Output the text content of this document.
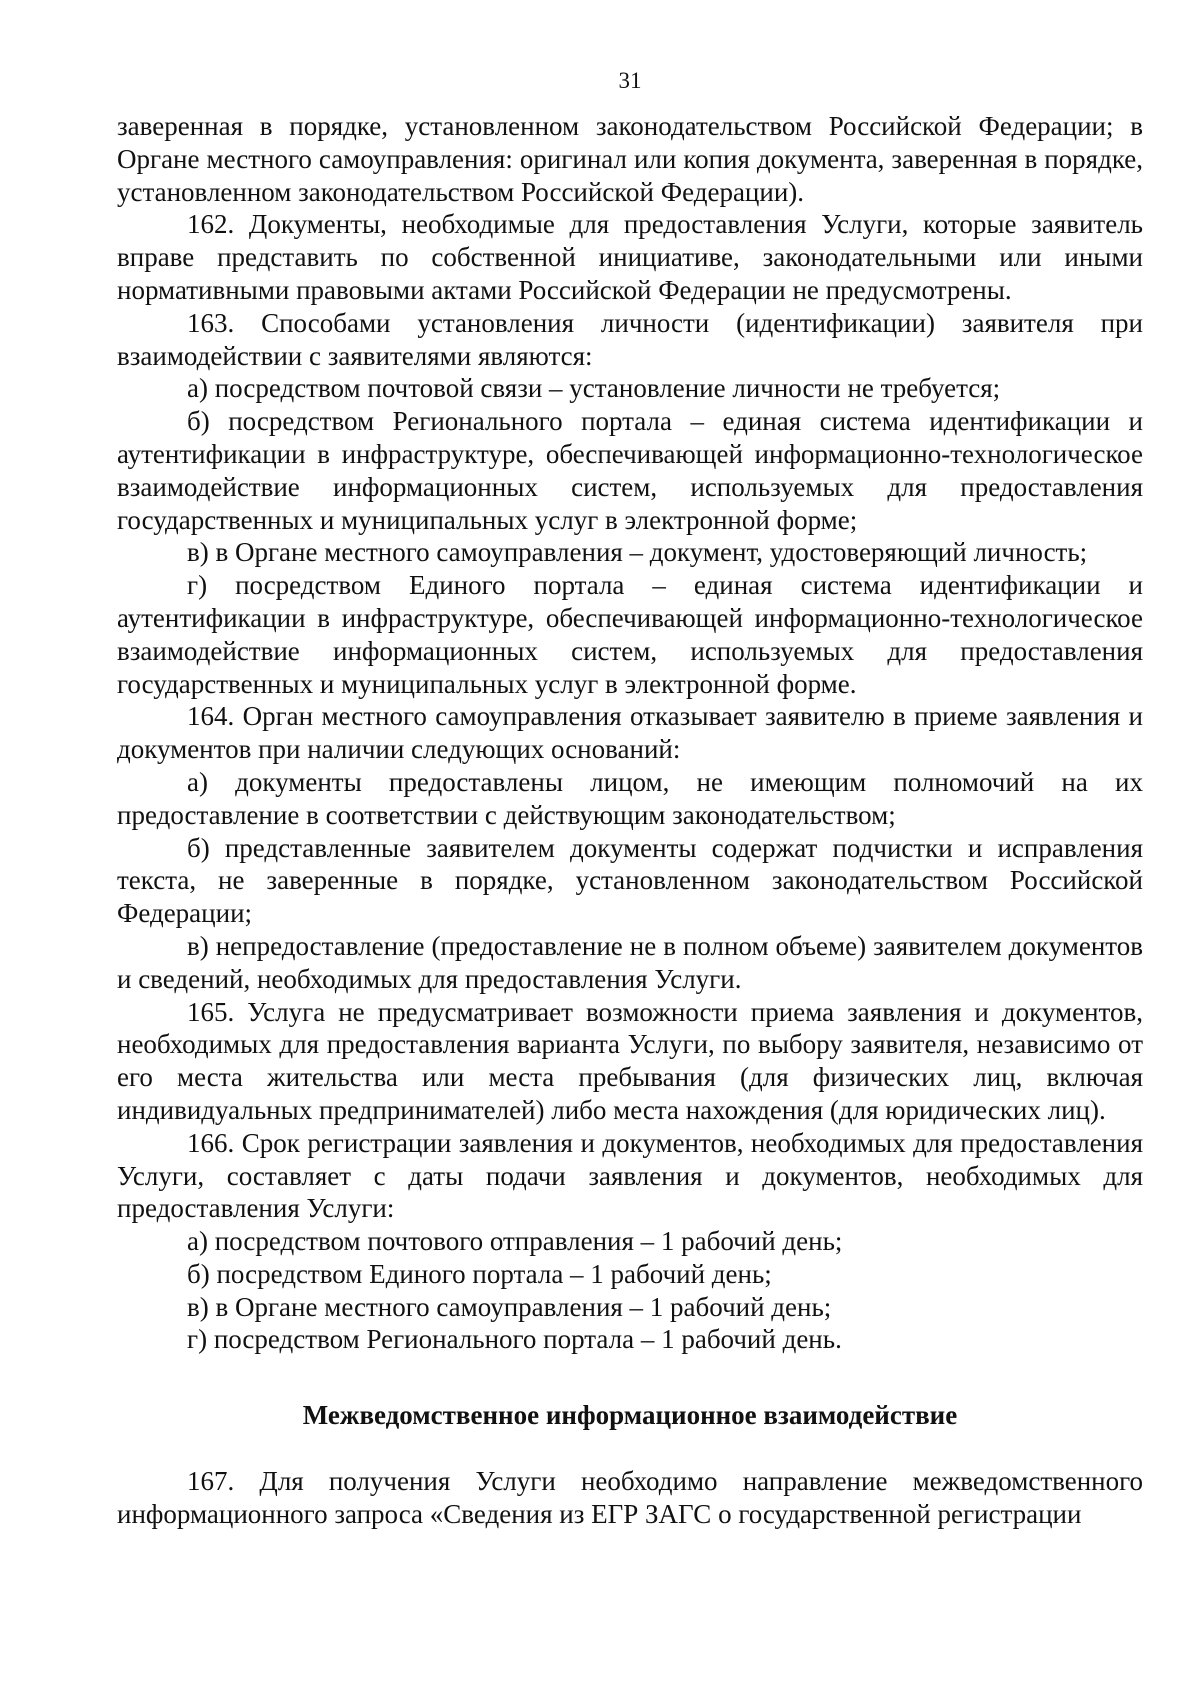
31

заверенная в порядке, установленном законодательством Российской Федерации; в Органе местного самоуправления: оригинал или копия документа, заверенная в порядке, установленном законодательством Российской Федерации).

162. Документы, необходимые для предоставления Услуги, которые заявитель вправе представить по собственной инициативе, законодательными или иными нормативными правовыми актами Российской Федерации не предусмотрены.

163. Способами установления личности (идентификации) заявителя при взаимодействии с заявителями являются:

а) посредством почтовой связи – установление личности не требуется;

б) посредством Регионального портала – единая система идентификации и аутентификации в инфраструктуре, обеспечивающей информационно-технологическое взаимодействие информационных систем, используемых для предоставления государственных и муниципальных услуг в электронной форме;

в) в Органе местного самоуправления – документ, удостоверяющий личность;

г) посредством Единого портала – единая система идентификации и аутентификации в инфраструктуре, обеспечивающей информационно-технологическое взаимодействие информационных систем, используемых для предоставления государственных и муниципальных услуг в электронной форме.

164. Орган местного самоуправления отказывает заявителю в приеме заявления и документов при наличии следующих оснований:

а) документы предоставлены лицом, не имеющим полномочий на их предоставление в соответствии с действующим законодательством;

б) представленные заявителем документы содержат подчистки и исправления текста, не заверенные в порядке, установленном законодательством Российской Федерации;

в) непредоставление (предоставление не в полном объеме) заявителем документов и сведений, необходимых для предоставления Услуги.

165. Услуга не предусматривает возможности приема заявления и документов, необходимых для предоставления варианта Услуги, по выбору заявителя, независимо от его места жительства или места пребывания (для физических лиц, включая индивидуальных предпринимателей) либо места нахождения (для юридических лиц).

166. Срок регистрации заявления и документов, необходимых для предоставления Услуги, составляет с даты подачи заявления и документов, необходимых для предоставления Услуги:

а) посредством почтового отправления – 1 рабочий день;

б) посредством Единого портала – 1 рабочий день;

в) в Органе местного самоуправления – 1 рабочий день;

г) посредством Регионального портала – 1 рабочий день.

Межведомственное информационное взаимодействие

167. Для получения Услуги необходимо направление межведомственного информационного запроса «Сведения из ЕГР ЗАГС о государственной регистрации
